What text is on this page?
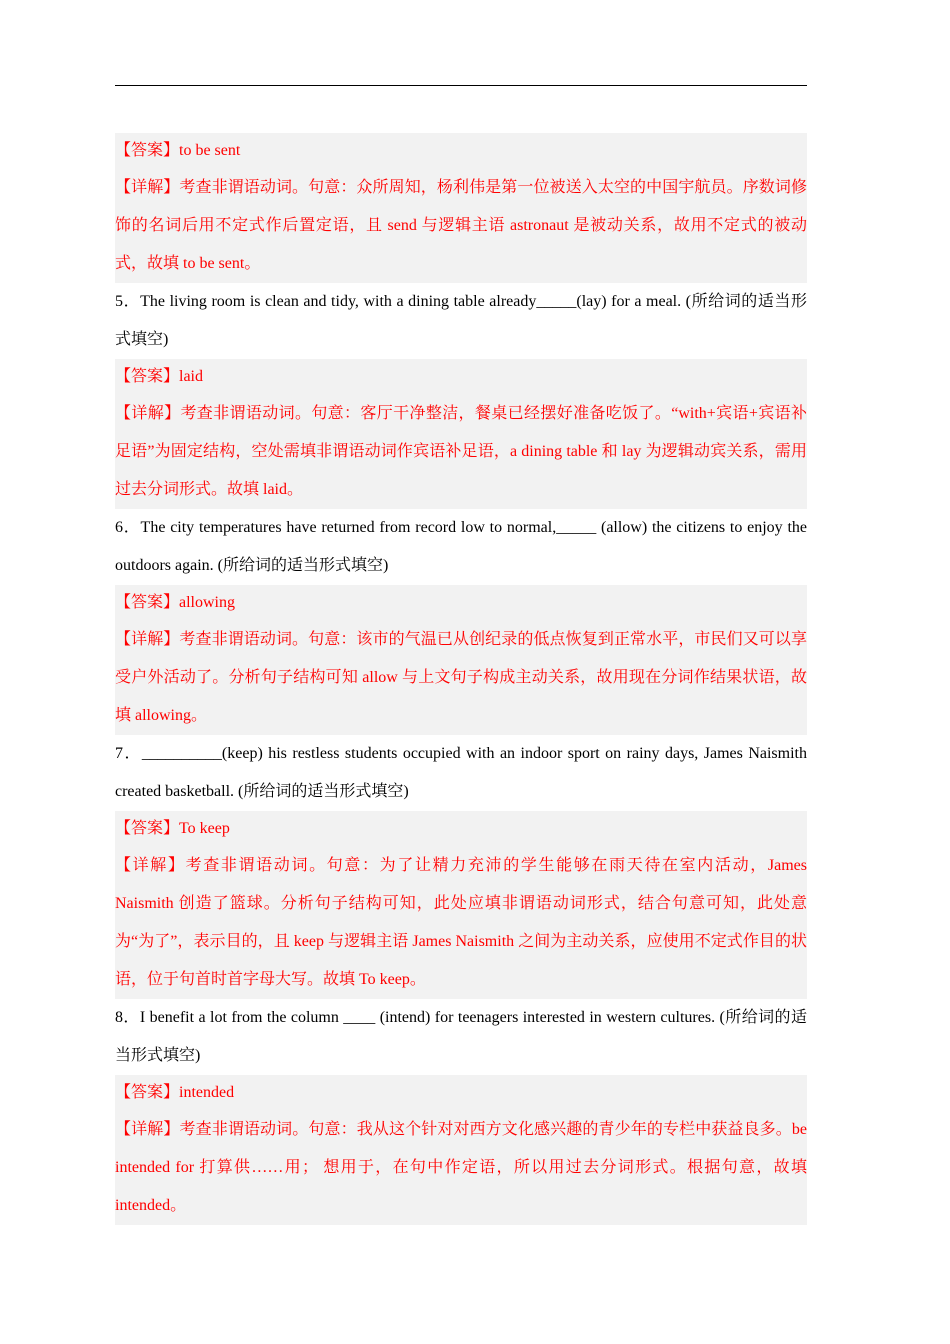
【答案】to be sent
【详解】考查非谓语动词。句意：众所周知，杨利伟是第一位被送入太空的中国宇航员。序数词修饰的名词后用不定式作后置定语，且 send 与逻辑主语 astronaut 是被动关系，故用不定式的被动式，故填 to be sent。
5．The living room is clean and tidy, with a dining table already_____(lay) for a meal. (所给词的适当形式填空)
【答案】laid
【详解】考查非谓语动词。句意：客厅干净整洁，餐桌已经摆好准备吃饭了。“with+宾语+宾语补足语”为固定结构，空处需填非谓语动词作宾语补足语，a dining table 和 lay 为逻辑动宾关系，需用过去分词形式。故填 laid。
6．The city temperatures have returned from record low to normal,_____ (allow) the citizens to enjoy the outdoors again. (所给词的适当形式填空)
【答案】allowing
【详解】考查非谓语动词。句意：该市的气温已从创纪录的低点恢复到正常水平，市民们又可以享受户外活动了。分析句子结构可知 allow 与上文句子构成主动关系，故用现在分词作结果状语，故填 allowing。
7．__________(keep) his restless students occupied with an indoor sport on rainy days, James Naismith created basketball. (所给词的适当形式填空)
【答案】To keep
【详解】考查非谓语动词。句意：为了让精力充沛的学生能够在雨天待在室内活动，James Naismith 创造了篮球。分析句子结构可知，此处应填非谓语动词形式，结合句意可知，此处意为“为了”，表示目的，且 keep 与逻辑主语 James Naismith 之间为主动关系，应使用不定式作目的状语，位于句首时首字母大写。故填 To keep。
8．I benefit a lot from the column ____ (intend) for teenagers interested in western cultures. (所给词的适当形式填空)
【答案】intended
【详解】考查非谓语动词。句意：我从这个针对对西方文化感兴趣的青少年的专栏中获益良多。be intended for 打算供……用； 想用于，在句中作定语，所以用过去分词形式。根据句意，故填 intended。
